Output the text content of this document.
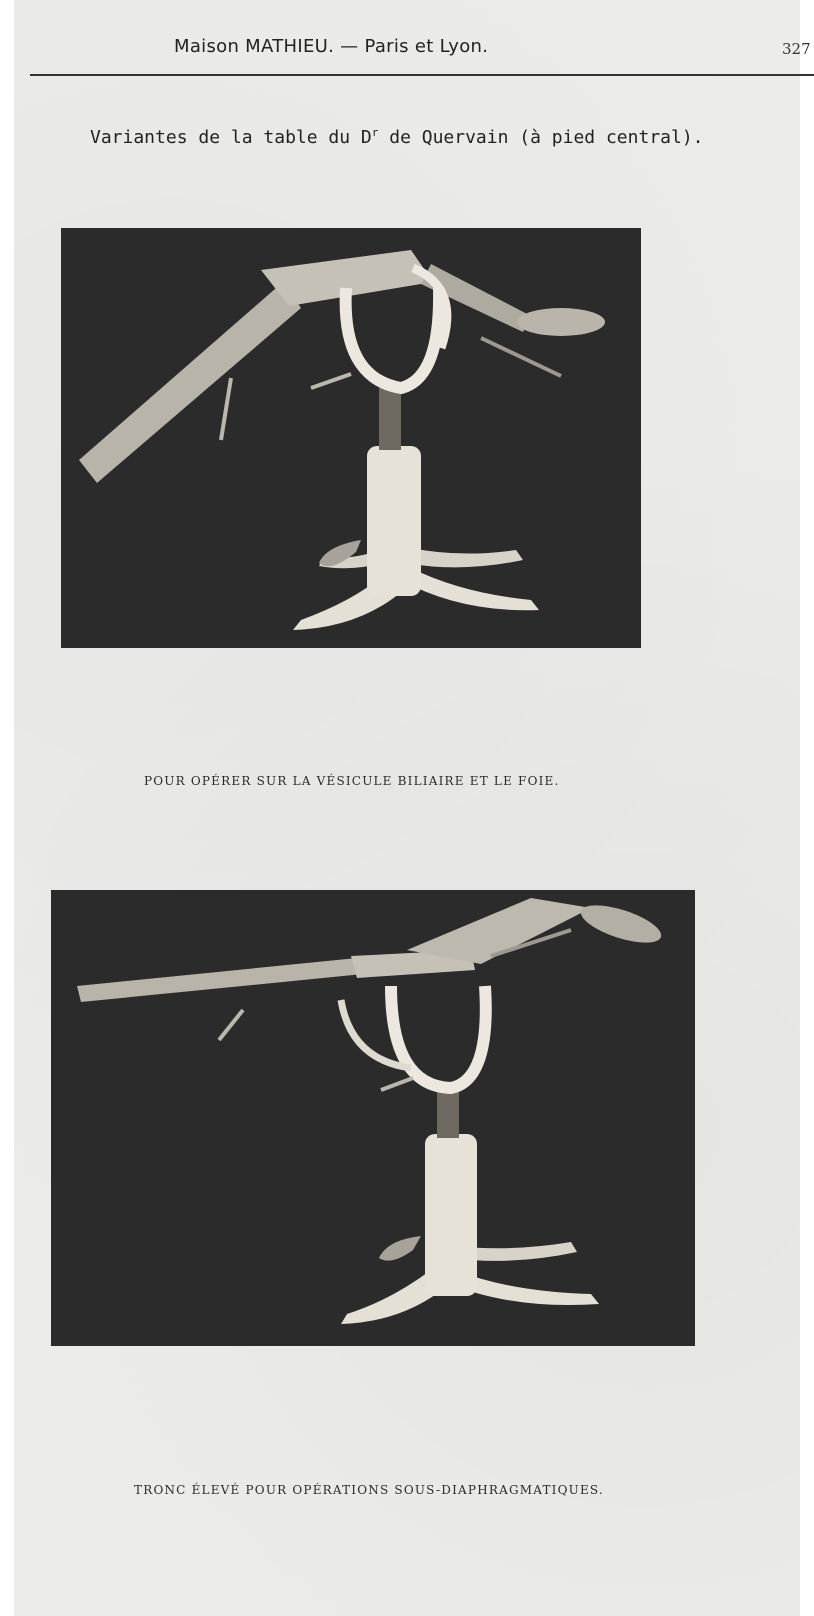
Maison MATHIEU. — Paris et Lyon.	327
Variantes de la table du $D^r$ de Quervain (à pied central).
POUR OPÉRER SUR LA VÉSICULE BILIAIRE ET LE FOIE.
TRONC ÉLEVÉ POUR OPÉRATIONS SOUS-DIAPHRAGMATIQUES.
